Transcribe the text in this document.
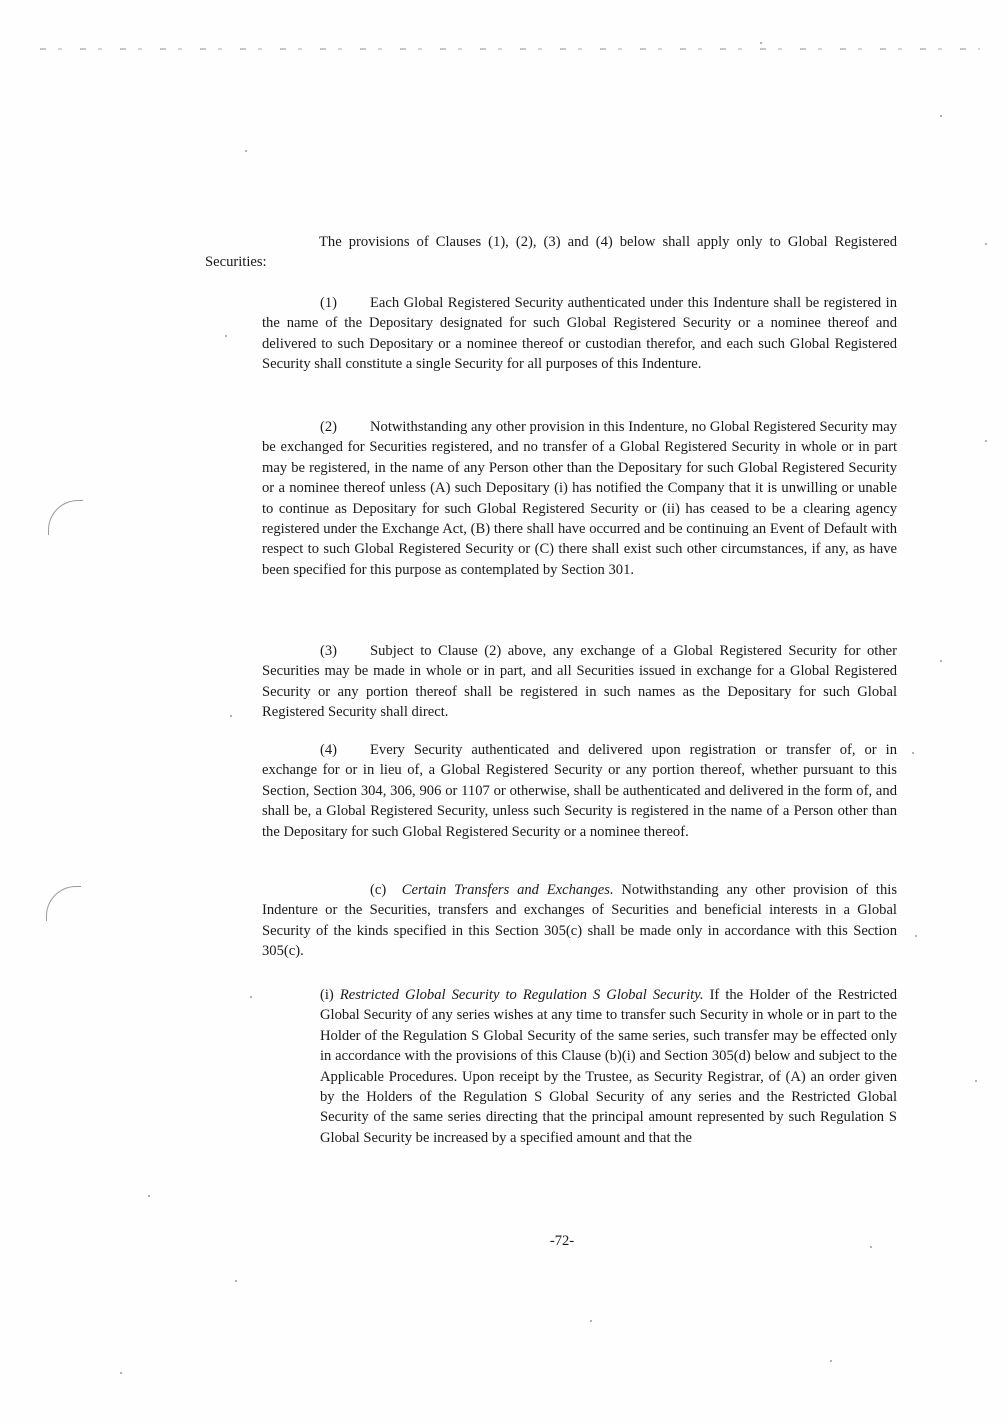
The provisions of Clauses (1), (2), (3) and (4) below shall apply only to Global Registered Securities:

(1) Each Global Registered Security authenticated under this Indenture shall be registered in the name of the Depositary designated for such Global Registered Security or a nominee thereof and delivered to such Depositary or a nominee thereof or custodian therefor, and each such Global Registered Security shall constitute a single Security for all purposes of this Indenture.

(2) Notwithstanding any other provision in this Indenture, no Global Registered Security may be exchanged for Securities registered, and no transfer of a Global Registered Security in whole or in part may be registered, in the name of any Person other than the Depositary for such Global Registered Security or a nominee thereof unless (A) such Depositary (i) has notified the Company that it is unwilling or unable to continue as Depositary for such Global Registered Security or (ii) has ceased to be a clearing agency registered under the Exchange Act, (B) there shall have occurred and be continuing an Event of Default with respect to such Global Registered Security or (C) there shall exist such other circumstances, if any, as have been specified for this purpose as contemplated by Section 301.

(3) Subject to Clause (2) above, any exchange of a Global Registered Security for other Securities may be made in whole or in part, and all Securities issued in exchange for a Global Registered Security or any portion thereof shall be registered in such names as the Depositary for such Global Registered Security shall direct.

(4) Every Security authenticated and delivered upon registration or transfer of, or in exchange for or in lieu of, a Global Registered Security or any portion thereof, whether pursuant to this Section, Section 304, 306, 906 or 1107 or otherwise, shall be authenticated and delivered in the form of, and shall be, a Global Registered Security, unless such Security is registered in the name of a Person other than the Depositary for such Global Registered Security or a nominee thereof.

(c) Certain Transfers and Exchanges. Notwithstanding any other provision of this Indenture or the Securities, transfers and exchanges of Securities and beneficial interests in a Global Security of the kinds specified in this Section 305(c) shall be made only in accordance with this Section 305(c).

(i) Restricted Global Security to Regulation S Global Security. If the Holder of the Restricted Global Security of any series wishes at any time to transfer such Security in whole or in part to the Holder of the Regulation S Global Security of the same series, such transfer may be effected only in accordance with the provisions of this Clause (b)(i) and Section 305(d) below and subject to the Applicable Procedures. Upon receipt by the Trustee, as Security Registrar, of (A) an order given by the Holders of the Regulation S Global Security of any series and the Restricted Global Security of the same series directing that the principal amount represented by such Regulation S Global Security be increased by a specified amount and that the

-72-
